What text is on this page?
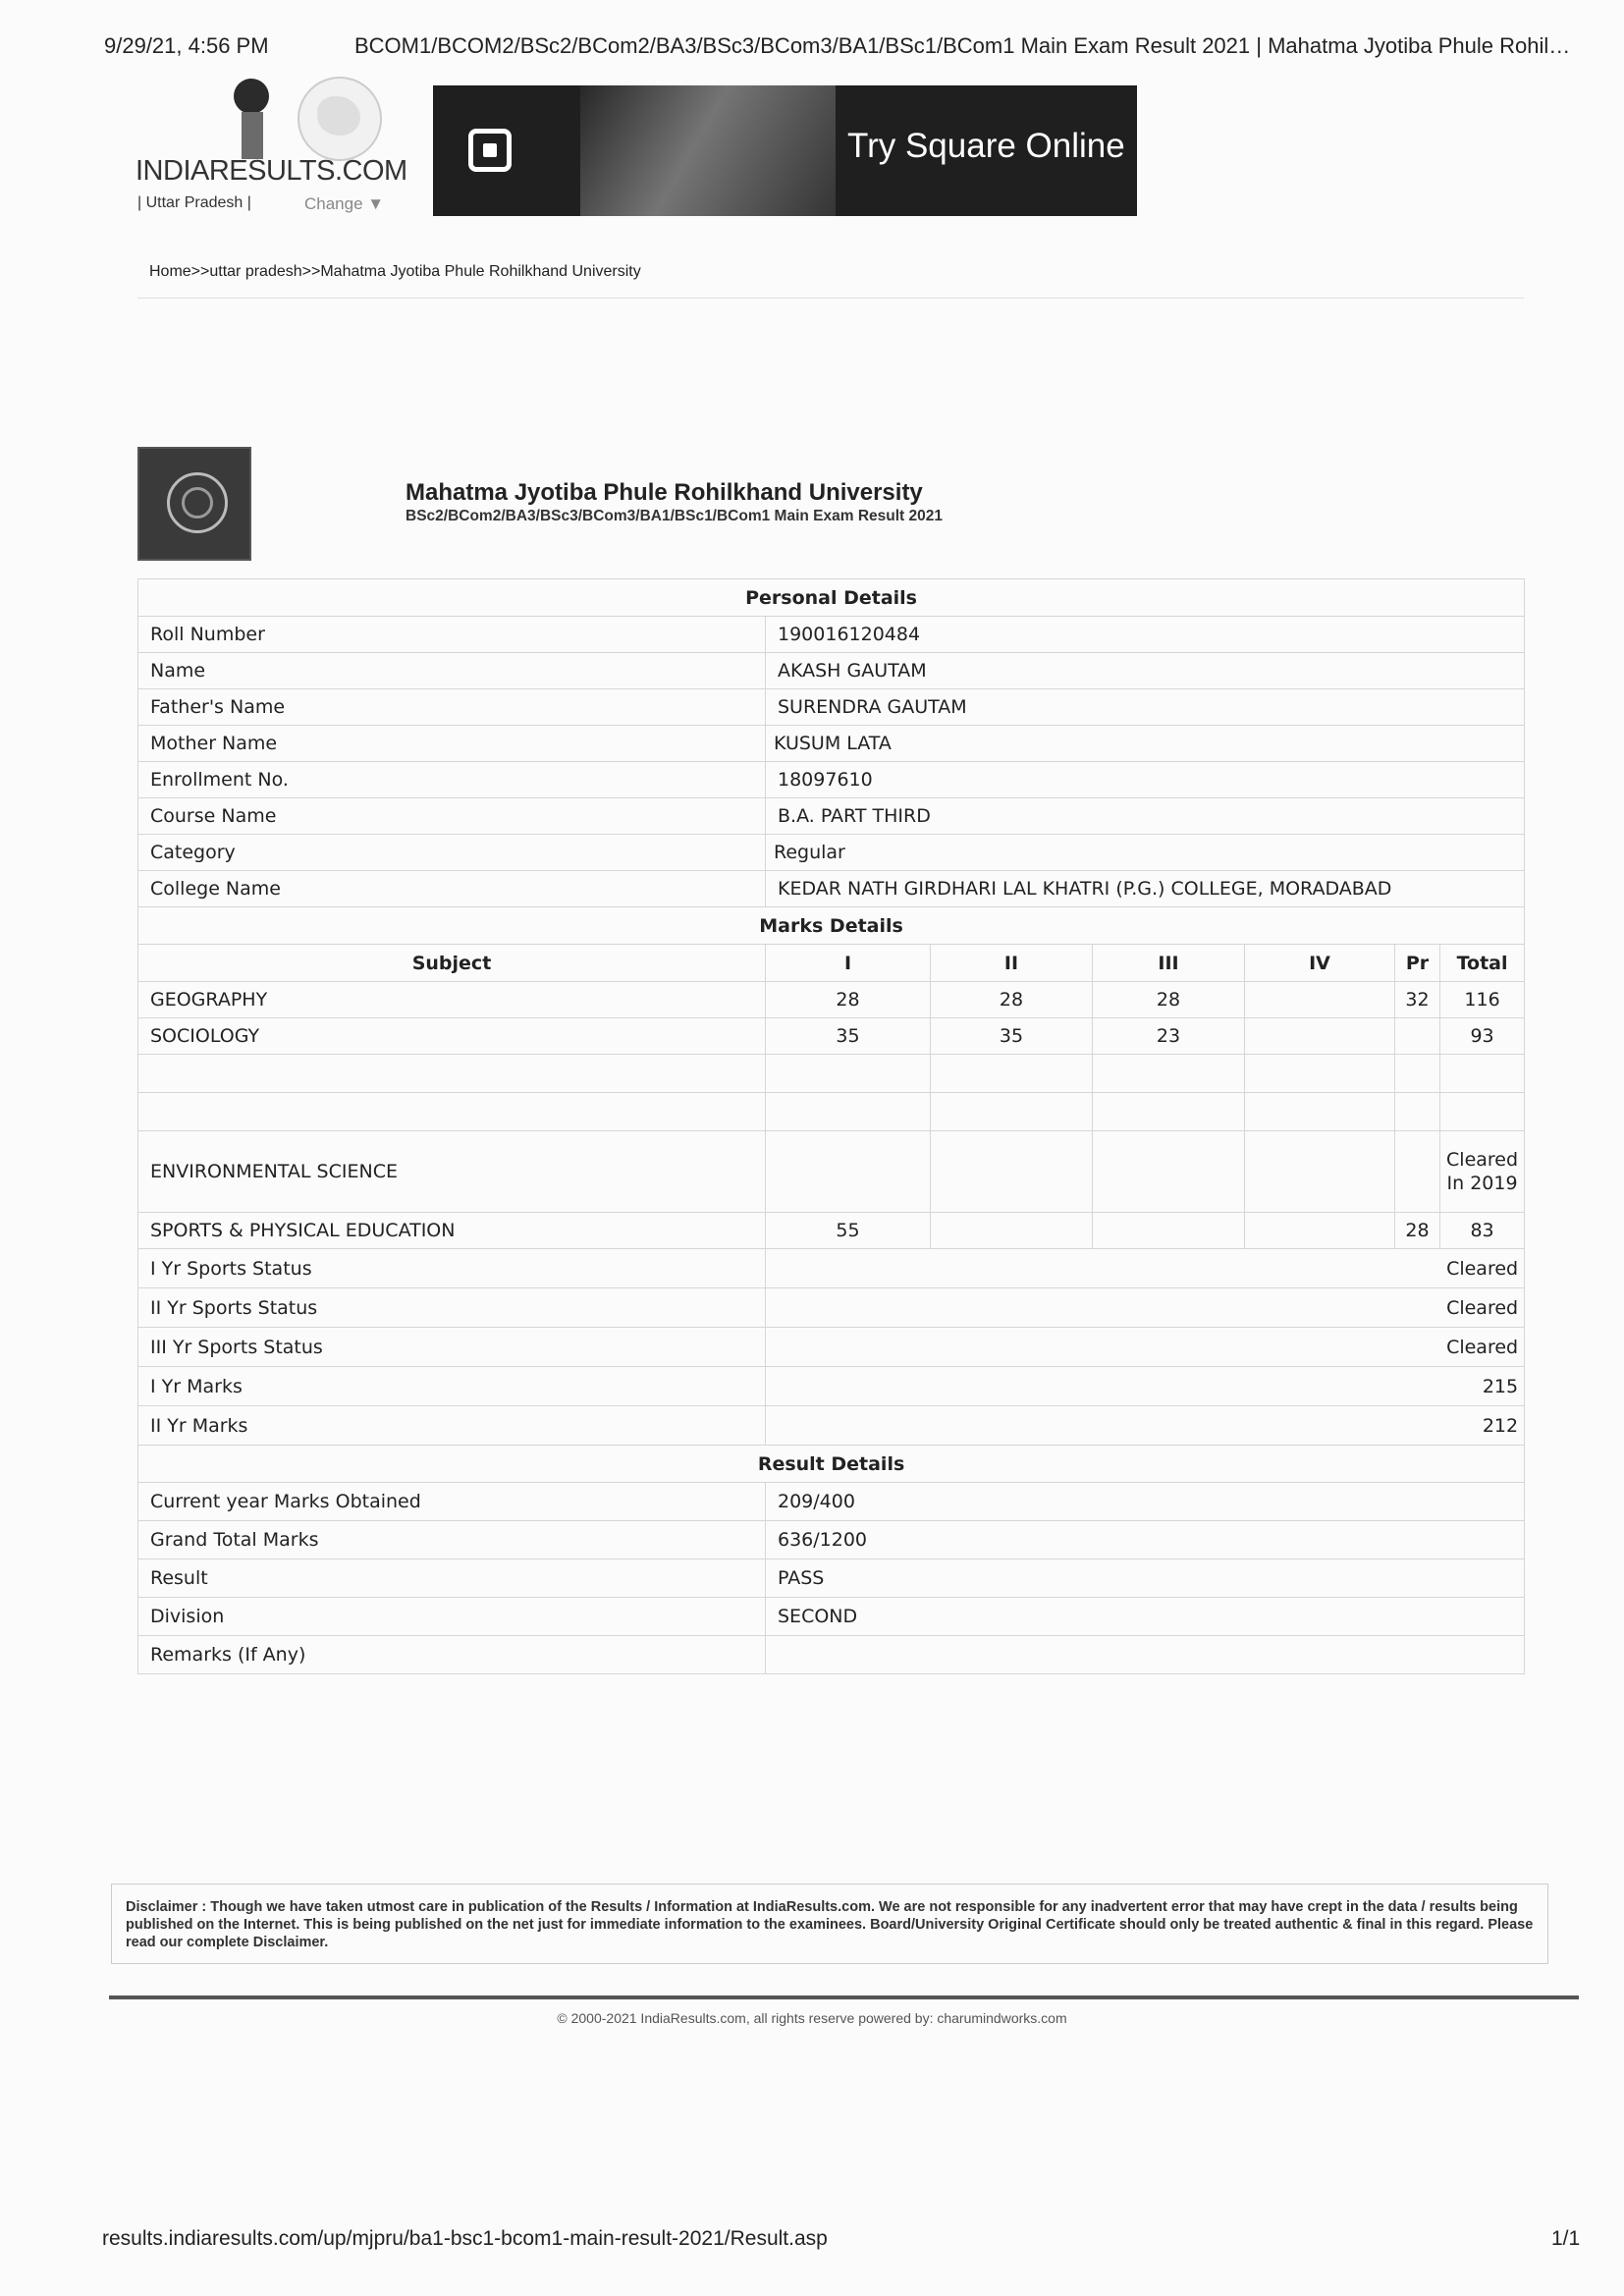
9/29/21, 4:56 PM	BCOM1/BCOM2/BSc2/BCom2/BA3/BSc3/BCom3/BA1/BSc1/BCom1 Main Exam Result 2021 | Mahatma Jyotiba Phule Rohil…
INDIARESULTS.COM
| Uttar Pradesh |	Change ▼
Try Square Online
Home>>uttar pradesh>>Mahatma Jyotiba Phule Rohilkhand University
Mahatma Jyotiba Phule Rohilkhand University
BSc2/BCom2/BA3/BSc3/BCom3/BA1/BSc1/BCom1 Main Exam Result 2021
Personal Details						
Roll Number	190016120484					
Name	AKASH GAUTAM					
Father's Name	SURENDRA GAUTAM					
Mother Name	KUSUM LATA					
Enrollment No.	18097610					
Course Name	B.A. PART THIRD					
Category	Regular					
College Name	KEDAR NATH GIRDHARI LAL KHATRI (P.G.) COLLEGE, MORADABAD					
Marks Details						
Subject	I	II	III	IV	Pr	Total
GEOGRAPHY	28	28	28		32	116
SOCIOLOGY	35	35	23			93

ENVIRONMENTAL SCIENCE						Cleared In 2019
SPORTS & PHYSICAL EDUCATION	55				28	83
I Yr Sports Status	Cleared					
II Yr Sports Status	Cleared					
III Yr Sports Status	Cleared					
I Yr Marks	215					
II Yr Marks	212					
Result Details						
Current year Marks Obtained	209/400					
Grand Total Marks	636/1200					
Result	PASS					
Division	SECOND					
Remarks (If Any)						
Disclaimer : Though we have taken utmost care in publication of the Results / Information at IndiaResults.com. We are not responsible for any inadvertent error that may have crept in the data / results being published on the Internet. This is being published on the net just for immediate information to the examinees. Board/University Original Certificate should only be treated authentic & final in this regard. Please read our complete Disclaimer.
© 2000-2021 IndiaResults.com, all rights reserve powered by: charumindworks.com
results.indiaresults.com/up/mjpru/ba1-bsc1-bcom1-main-result-2021/Result.asp	1/1
